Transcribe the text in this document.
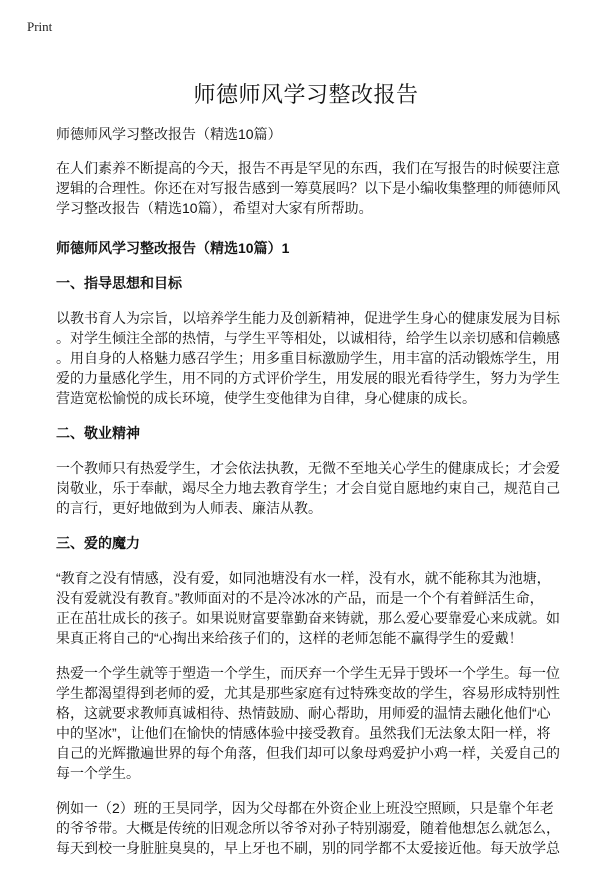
Print
师德师风学习整改报告

师德师风学习整改报告（精选10篇）

在人们素养不断提高的今天，报告不再是罕见的东西，我们在写报告的时候要注意
逻辑的合理性。你还在对写报告感到一筹莫展吗？以下是小编收集整理的师德师风
学习整改报告（精选10篇），希望对大家有所帮助。

师德师风学习整改报告（精选10篇）1
一、指导思想和目标

以教书育人为宗旨，以培养学生能力及创新精神，促进学生身心的健康发展为目标
。对学生倾注全部的热情，与学生平等相处，以诚相待，给学生以亲切感和信赖感
。用自身的人格魅力感召学生；用多重目标激励学生，用丰富的活动锻炼学生，用
爱的力量感化学生，用不同的方式评价学生，用发展的眼光看待学生，努力为学生
营造宽松愉悦的成长环境，使学生变他律为自律，身心健康的成长。

二、敬业精神

一个教师只有热爱学生，才会依法执教，无微不至地关心学生的健康成长；才会爱
岗敬业，乐于奉献，竭尽全力地去教育学生；才会自觉自愿地约束自己，规范自己
的言行，更好地做到为人师表、廉洁从教。

三、爱的魔力

“教育之没有情感，没有爱，如同池塘没有水一样，没有水，就不能称其为池塘，
没有爱就没有教育。”教师面对的不是冷冰冰的产品，而是一个个有着鲜活生命，
正在茁壮成长的孩子。如果说财富要靠勤奋来铸就，那么爱心要靠爱心来成就。如
果真正将自己的“心掏出来给孩子们的，这样的老师怎能不赢得学生的爱戴！

热爱一个学生就等于塑造一个学生，而厌弃一个学生无异于毁坏一个学生。每一位
学生都渴望得到老师的爱，尤其是那些家庭有过特殊变故的学生，容易形成特别性
格，这就要求教师真诚相待、热情鼓励、耐心帮助，用师爱的温情去融化他们“心
中的坚冰”，让他们在愉快的情感体验中接受教育。虽然我们无法象太阳一样，将
自己的光辉撒遍世界的每个角落，但我们却可以象母鸡爱护小鸡一样，关爱自己的
每一个学生。

例如一（2）班的王昊同学，因为父母都在外资企业上班没空照顾，只是靠个年老
的爷爷带。大概是传统的旧观念所以爷爷对孙子特别溺爱，随着他想怎么就怎么，
每天到校一身脏脏臭臭的，早上牙也不刷，别的同学都不太爱接近他。每天放学总
